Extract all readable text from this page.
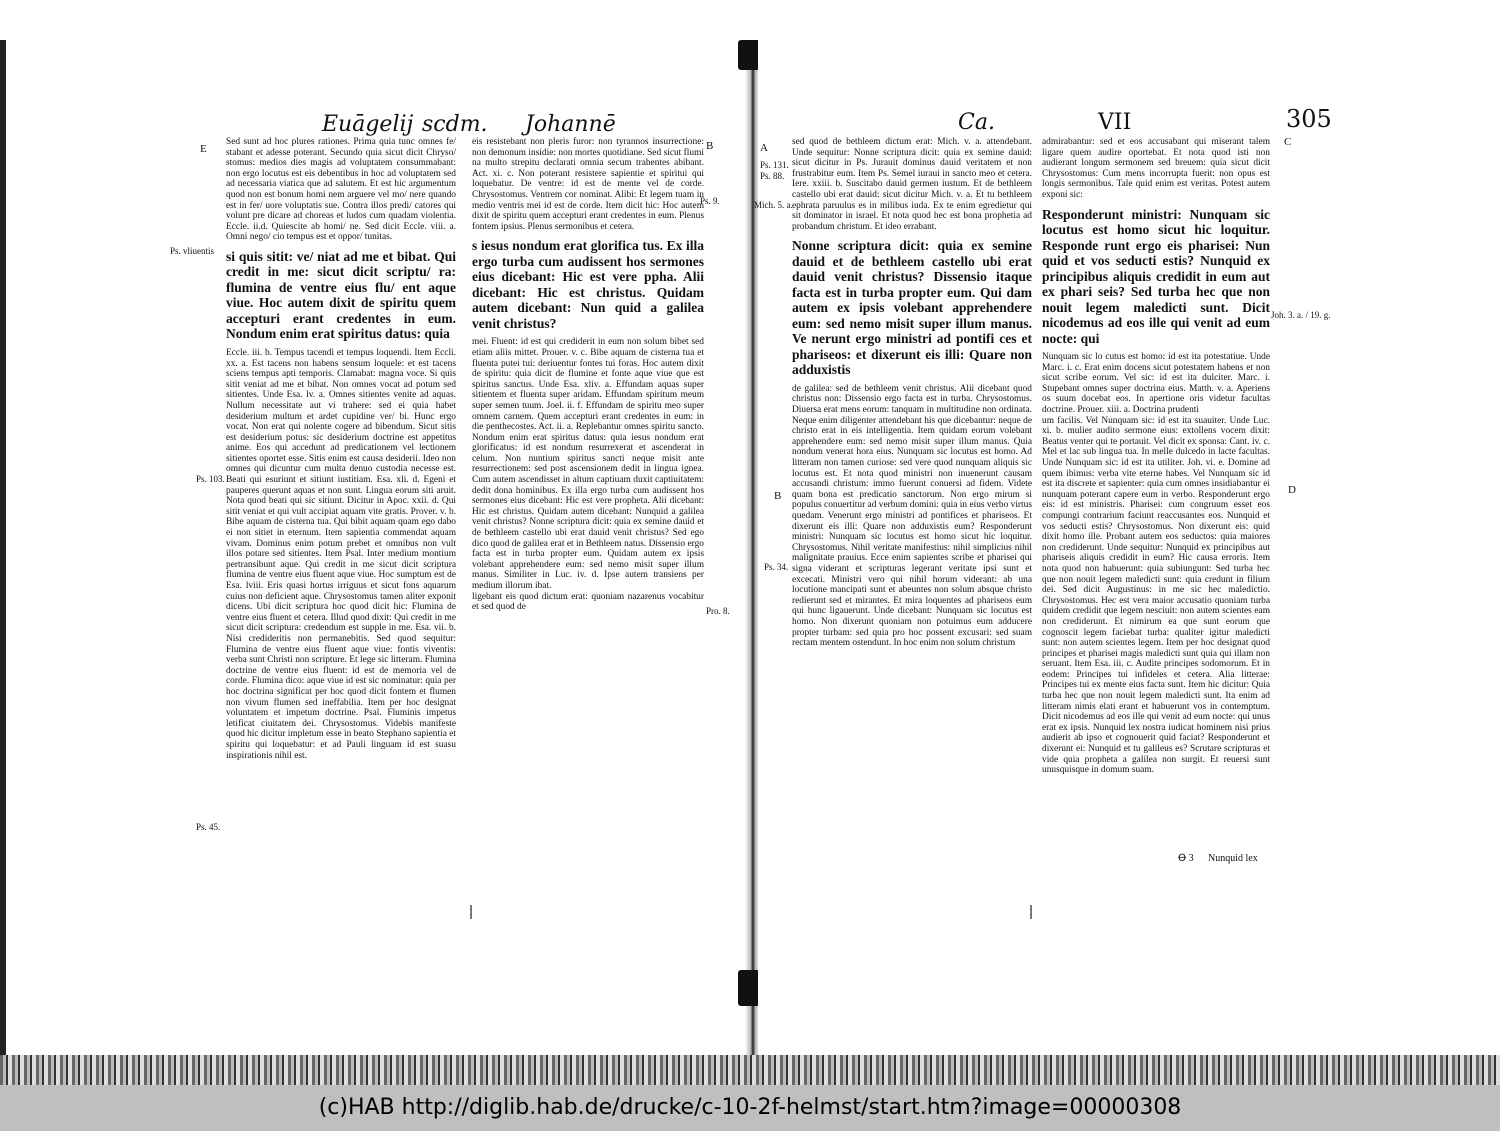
Euāgelij scdm. Johannē
E	B
Ps. vliuentis
Ps. 103.
Ps. 45.
Ps. 9.
Pro. 8.

Sed sunt ad hoc plures rationes. Prima quia tunc omnes fe/ stabant et adesse poterant. Secundo quia sicut dicit Chryso/ stomus: medios dies magis ad voluptatem consummabant: non ergo locutus est eis debentibus in hoc ad voluptatem sed ad necessaria viatica que ad salutem. Et est hic argumentum quod non est bonum homi nem arguere vel mo/ nere quando est in fer/ uore voluptatis sue. Contra illos predi/ catores qui volunt pre dicare ad choreas et ludos cum quadam violentia. Eccle. ii.d. Quiescite ab homi/ ne. Sed dicit Eccle. viii. a. Omni nego/ cio tempus est et oppor/ tunitas.

si quis sitit: ve/ niat ad me et bibat. Qui credit in me: sicut dicit scriptu/ ra: flumina de ventre eius flu/ ent aque viue. Hoc autem dixit de spiritu quem accepturi erant credentes in eum. Nondum enim erat spiritus datus: quia

Eccle. iii. b. Tempus tacendi et tempus loquendi. Item Eccli. xx. a. Est tacens non habens sensum loquele: et est tacens sciens tempus apti temporis. Clamabat: magna voce. Si quis sitit veniat ad me et bibat. Non omnes vocat ad potum sed sitientes. Unde Esa. lv. a. Omnes sitientes venite ad aquas. Nullum necessitate aut vi trahere: sed ei quia habet desiderium multum et ardet cupidine ver/ bi. Hunc ergo vocat. Non erat qui nolente cogere ad bibendum. Sicut sitis est desiderium potus: sic desiderium doctrine est appetitus anime. Eos qui accedunt ad predicationem vel lectionem sitientes oportet esse. Sitis enim est causa desiderii. Ideo non omnes qui dicuntur cum multa denuo custodia necesse est. Beati qui esuriunt et sitiunt iustitiam. Esa. xli. d. Egeni et pauperes querunt aquas et non sunt. Lingua eorum siti aruit. Nota quod beati qui sic sitiunt. Dicitur in Apoc. xxii. d. Qui sitit veniat et qui vult accipiat aquam vite gratis. Prover. v. b. Bibe aquam de cisterna tua. Qui bibit aquam quam ego dabo ei non sitiet in eternum. Item sapientia commendat aquam vivam. Dominus enim potum prebet et omnibus non vult illos potare sed sitientes. Item Psal. Inter medium montium pertransibunt aque. Qui credit in me sicut dicit scriptura flumina de ventre eius fluent aque viue. Hoc sumptum est de Esa. lviii. Eris quasi hortus irriguus et sicut fons aquarum cuius non deficient aque. Chrysostomus tamen aliter exponit dicens. Ubi dicit scriptura hoc quod dicit hic: Flumina de ventre eius fluent et cetera. Illud quod dixit: Qui credit in me sicut dicit scriptura: credendum est supple in me. Esa. vii. b. Nisi credideritis non permanebitis. Sed quod sequitur: Flumina de ventre eius fluent aque viue: fontis viventis: verba sunt Christi non scripture. Et lege sic litteram. Flumina doctrine de ventre eius fluent: id est de memoria vel de corde. Flumina dico: aque viue id est sic nominatur: quia per hoc doctrina significat per hoc quod dicit fontem et flumen non vivum flumen sed ineffabilia. Item per hoc designat voluntatem et impetum doctrine. Psal. Fluminis impetus letificat ciuitatem dei. Chrysostomus. Videbis manifeste quod hic dicitur impletum esse in beato Stephano sapientia et spiritu qui loquebatur: et ad Pauli linguam id est suasu inspirationis nihil est.

eis resistebant non pleris furor: non tyrannos insurrectione: non demonum insidie: non mortes quotidiane. Sed sicut flumi na multo strepitu declarati omnia secum trahentes abibant. Act. xi. c. Non poterant resistere sapientie et spiritui qui loquebatur. De ventre: id est de mente vel de corde. Chrysostomus. Ventrem cor nominat. Alibi: Et legem tuam in medio ventris mei id est de corde. Item dicit hic: Hoc autem dixit de spiritu quem accepturi erant credentes in eum. Plenus fontem ipsius. Plenus sermonibus et cetera.

s iesus nondum erat glorifica tus. Ex illa ergo turba cum audissent hos sermones eius dicebant: Hic est vere ppha. Alii dicebant: Hic est christus. Quidam autem dicebant: Nun quid a galilea venit christus?

mei. Fluent: id est qui crediderit in eum non solum bibet sed etiam aliis mittet. Prouer. v. c. Bibe aquam de cisterna tua et fluenta putei tui: deriuentur fontes tui foras. Hoc autem dixit de spiritu: quia dicit de flumine et fonte aque viue que est spiritus sanctus. Unde Esa. xliv. a. Effundam aquas super sitientem et fluenta super aridam. Effundam spiritum meum super semen tuum. Joel. ii. f. Effundam de spiritu meo super omnem carnem. Quem accepturi erant credentes in eum: in die penthecostes. Act. ii. a. Replebantur omnes spiritu sancto. Nondum enim erat spiritus datus: quia iesus nondum erat glorificatus: id est nondum resurrexerat et ascenderat in celum. Non nuntium spiritus sancti neque misit ante resurrectionem: sed post ascensionem dedit in lingua ignea. Cum autem ascendisset in altum captiuam duxit captiuitatem: dedit dona hominibus. Ex illa ergo turba cum audissent hos sermones eius dicebant: Hic est vere propheta. Alii dicebant: Hic est christus. Quidam autem dicebant: Nunquid a galilea venit christus? Nonne scriptura dicit: quia ex semine dauid et de bethleem castello ubi erat dauid venit christus? Sed ego dico quod de galilea erat et in Bethleem natus. Dissensio ergo facta est in turba propter eum. Quidam autem ex ipsis volebant apprehendere eum: sed nemo misit super illum manus. Similiter in Luc. iv. d. Ipse autem transiens per medium illorum ibat.

ligebant eis quod dictum erat: quoniam nazarenus vocabitur et sed quod de

Ca.	VII	305
A	C
B	D
Ps. 131.
Ps. 88.
Mich. 5. a.
Ps. 34.
Joh. 3. a. / 19. g.

sed quod de bethleem dictum erat: Mich. v. a. attendebant. Unde sequitur: Nonne scriptura dicit: quia ex semine dauid: sicut dicitur in Ps. Jurauit dominus dauid veritatem et non frustrabitur eum. Item Ps. Semel iuraui in sancto meo et cetera. Iere. xxiii. b. Suscitabo dauid germen iustum. Et de bethleem castello ubi erat dauid: sicut dicitur Mich. v. a. Et tu bethleem ephrata paruulus es in milibus iuda. Ex te enim egredietur qui sit dominator in israel. Et nota quod hec est bona prophetia ad probandum christum. Et ideo errabant.

Nonne scriptura dicit: quia ex semine dauid et de bethleem castello ubi erat dauid venit christus? Dissensio itaque facta est in turba propter eum. Qui dam autem ex ipsis volebant apprehendere eum: sed nemo misit super illum manus. Ve nerunt ergo ministri ad pontifi ces et phariseos: et dixerunt eis illi: Quare non adduxistis

de galilea: sed de bethleem venit christus. Alii dicebant quod christus non: Dissensio ergo facta est in turba. Chrysostomus. Diuersa erat mens eorum: tanquam in multitudine non ordinata. Neque enim diligenter attendebant his que dicebantur: neque de christo erat in eis intelligentia. Item quidam eorum volebant apprehendere eum: sed nemo misit super illum manus. Quia nondum venerat hora eius. Nunquam sic locutus est homo. Ad litteram non tamen curiose: sed vere quod nunquam aliquis sic locutus est. Et nota quod ministri non inuenerunt causam accusandi christum: immo fuerunt conuersi ad fidem. Videte quam bona est predicatio sanctorum. Non ergo mirum si populus conuertitur ad verbum domini: quia in eius verbo virtus quedam. Venerunt ergo ministri ad pontifices et phariseos. Et dixerunt eis illi: Quare non adduxistis eum? Responderunt ministri: Nunquam sic locutus est homo sicut hic loquitur. Chrysostomus. Nihil veritate manifestius: nihil simplicius nihil malignitate prauius. Ecce enim sapientes scribe et pharisei qui signa viderant et scripturas legerant veritate ipsi sunt et excecati. Ministri vero qui nihil horum viderant: ab una locutione mancipati sunt et abeuntes non solum absque christo redierunt sed et mirantes. Et mira loquentes ad phariseos eum qui hunc ligauerunt. Unde dicebant: Nunquam sic locutus est homo. Non dixerunt quoniam non potuimus eum adducere propter turbam: sed quia pro hoc possent excusari: sed suam rectam mentem ostendunt. In hoc enim non solum christum

admirabantur: sed et eos accusabant qui miserant talem ligare quem audire oportebat. Et nota quod isti non audierant longum sermonem sed breuem: quia sicut dicit Chrysostomus: Cum mens incorrupta fuerit: non opus est longis sermonibus. Tale quid enim est veritas. Potest autem exponi sic:

Responderunt ministri: Nunquam sic locutus est homo sicut hic loquitur. Responde runt ergo eis pharisei: Nun quid et vos seducti estis? Nunquid ex principibus aliquis credidit in eum aut ex phari seis? Sed turba hec que non nouit legem maledicti sunt. Dicit nicodemus ad eos ille qui venit ad eum nocte: qui

Nunquam sic lo cutus est homo: id est ita potestatiue. Unde Marc. i. c. Erat enim docens sicut potestatem habens et non sicut scribe eorum. Vel sic: id est ita dulciter. Marc. i. Stupebant omnes super doctrina eius. Matth. v. a. Aperiens os suum docebat eos. In apertione oris videtur facultas doctrine. Prouer. xiii. a. Doctrina prudenti

um facilis. Vel Nunquam sic: id est ita suauiter. Unde Luc. xi. b. mulier audito sermone eius: extollens vocem dixit: Beatus venter qui te portauit. Vel dicit ex sponsa: Cant. iv. c. Mel et lac sub lingua tua. In melle dulcedo in lacte facultas. Unde Nunquam sic: id est ita utiliter. Joh. vi. e. Domine ad quem ibimus: verba vite eterne habes. Vel Nunquam sic id est ita discrete et sapienter: quia cum omnes insidiabantur ei nunquam poterant capere eum in verbo. Responderunt ergo eis: id est ministris. Pharisei: cum congruum esset eos compungi contrarium faciunt reaccusantes eos. Nunquid et vos seducti estis? Chrysostomus. Non dixerunt eis: quid dixit homo ille. Probant autem eos seductos: quia maiores non crediderunt. Unde sequitur: Nunquid ex principibus aut phariseis aliquis credidit in eum? Hic causa erroris. Item nota quod non habuerunt: quia subiungunt: Sed turba hec que non nouit legem maledicti sunt: quia credunt in filium dei. Sed dicit Augustinus: in me sic hec maledictio. Chrysostomus. Hec est vera maior accusatio quoniam turba quidem credidit que legem nesciuit: non autem scientes eam non crediderunt. Et nimirum ea que sunt eorum que cognoscit legem faciebat turba: qualiter igitur maledicti sunt: non autem scientes legem. Item per hoc designat quod principes et pharisei magis maledicti sunt quia qui illam non seruant. Item Esa. iii. c. Audite principes sodomorum. Et in eodem: Principes tui infideles et cetera. Alia litterae: Principes tui ex mente eius facta sunt. Item hic dicitur: Quia turba hec que non nouit legem maledicti sunt. Ita enim ad litteram nimis elati erant et habuerunt vos in contemptum. Dicit nicodemus ad eos ille qui venit ad eum nocte: qui unus erat ex ipsis. Nunquid lex nostra iudicat hominem nisi prius audierit ab ipso et cognouerit quid faciat? Responderunt et dixerunt ei: Nunquid et tu galileus es? Scrutare scripturas et vide quia propheta a galilea non surgit. Et reuersi sunt unusquisque in domum suam.

Ꝋ 3 Nunquid lex
(c)HAB http://diglib.hab.de/drucke/c-10-2f-helmst/start.htm?image=00000308
